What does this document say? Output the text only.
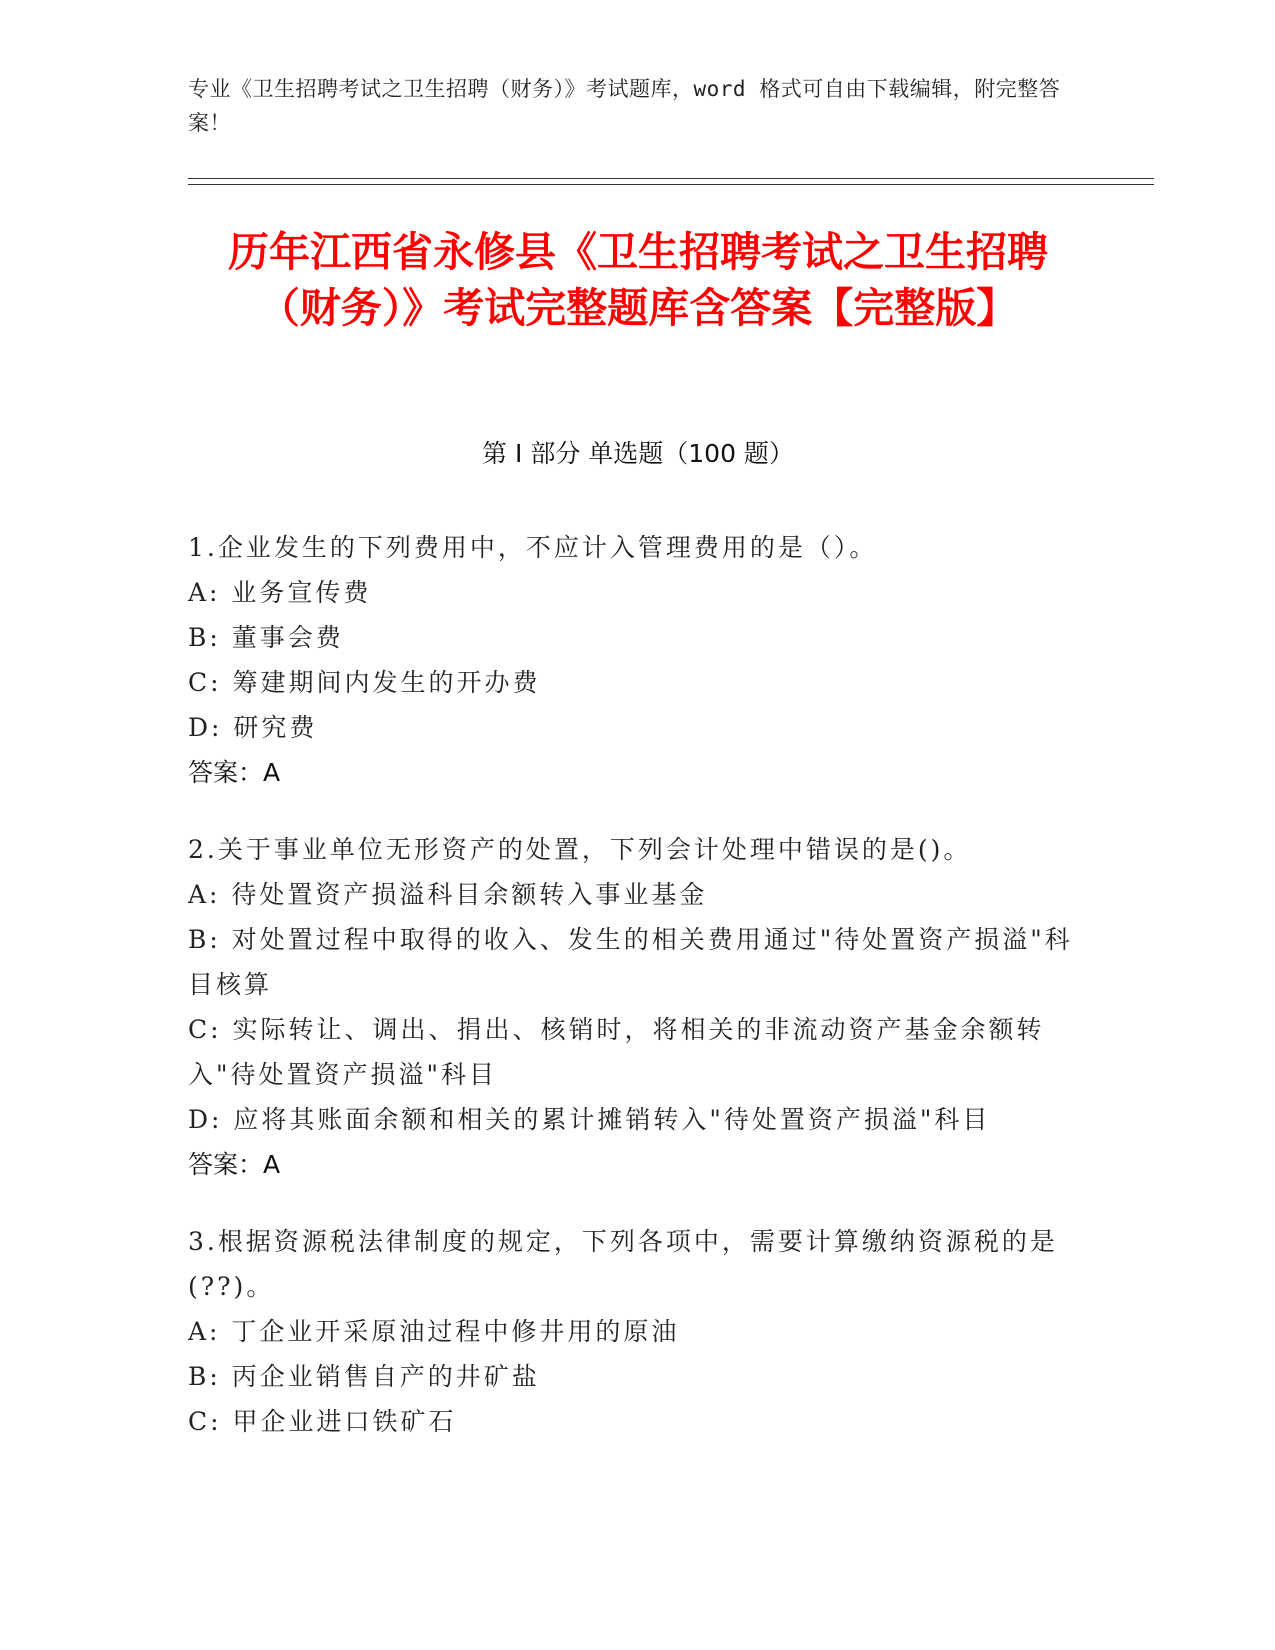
专业《卫生招聘考试之卫生招聘（财务）》考试题库，word 格式可自由下载编辑，附完整答案！
历年江西省永修县《卫生招聘考试之卫生招聘（财务）》考试完整题库含答案【完整版】
第 I 部分 单选题（100 题）

1.企业发生的下列费用中，不应计入管理费用的是（）。

A: 业务宣传费

B: 董事会费

C: 筹建期间内发生的开办费

D: 研究费

答案：A

2.关于事业单位无形资产的处置，下列会计处理中错误的是()。

A: 待处置资产损溢科目余额转入事业基金

B: 对处置过程中取得的收入、发生的相关费用通过"待处置资产损溢"科目核算

C: 实际转让、调出、捐出、核销时，将相关的非流动资产基金余额转入"待处置资产损溢"科目

D: 应将其账面余额和相关的累计摊销转入"待处置资产损溢"科目

答案：A

3.根据资源税法律制度的规定，下列各项中，需要计算缴纳资源税的是(??)。

A: 丁企业开采原油过程中修井用的原油

B: 丙企业销售自产的井矿盐

C: 甲企业进口铁矿石
